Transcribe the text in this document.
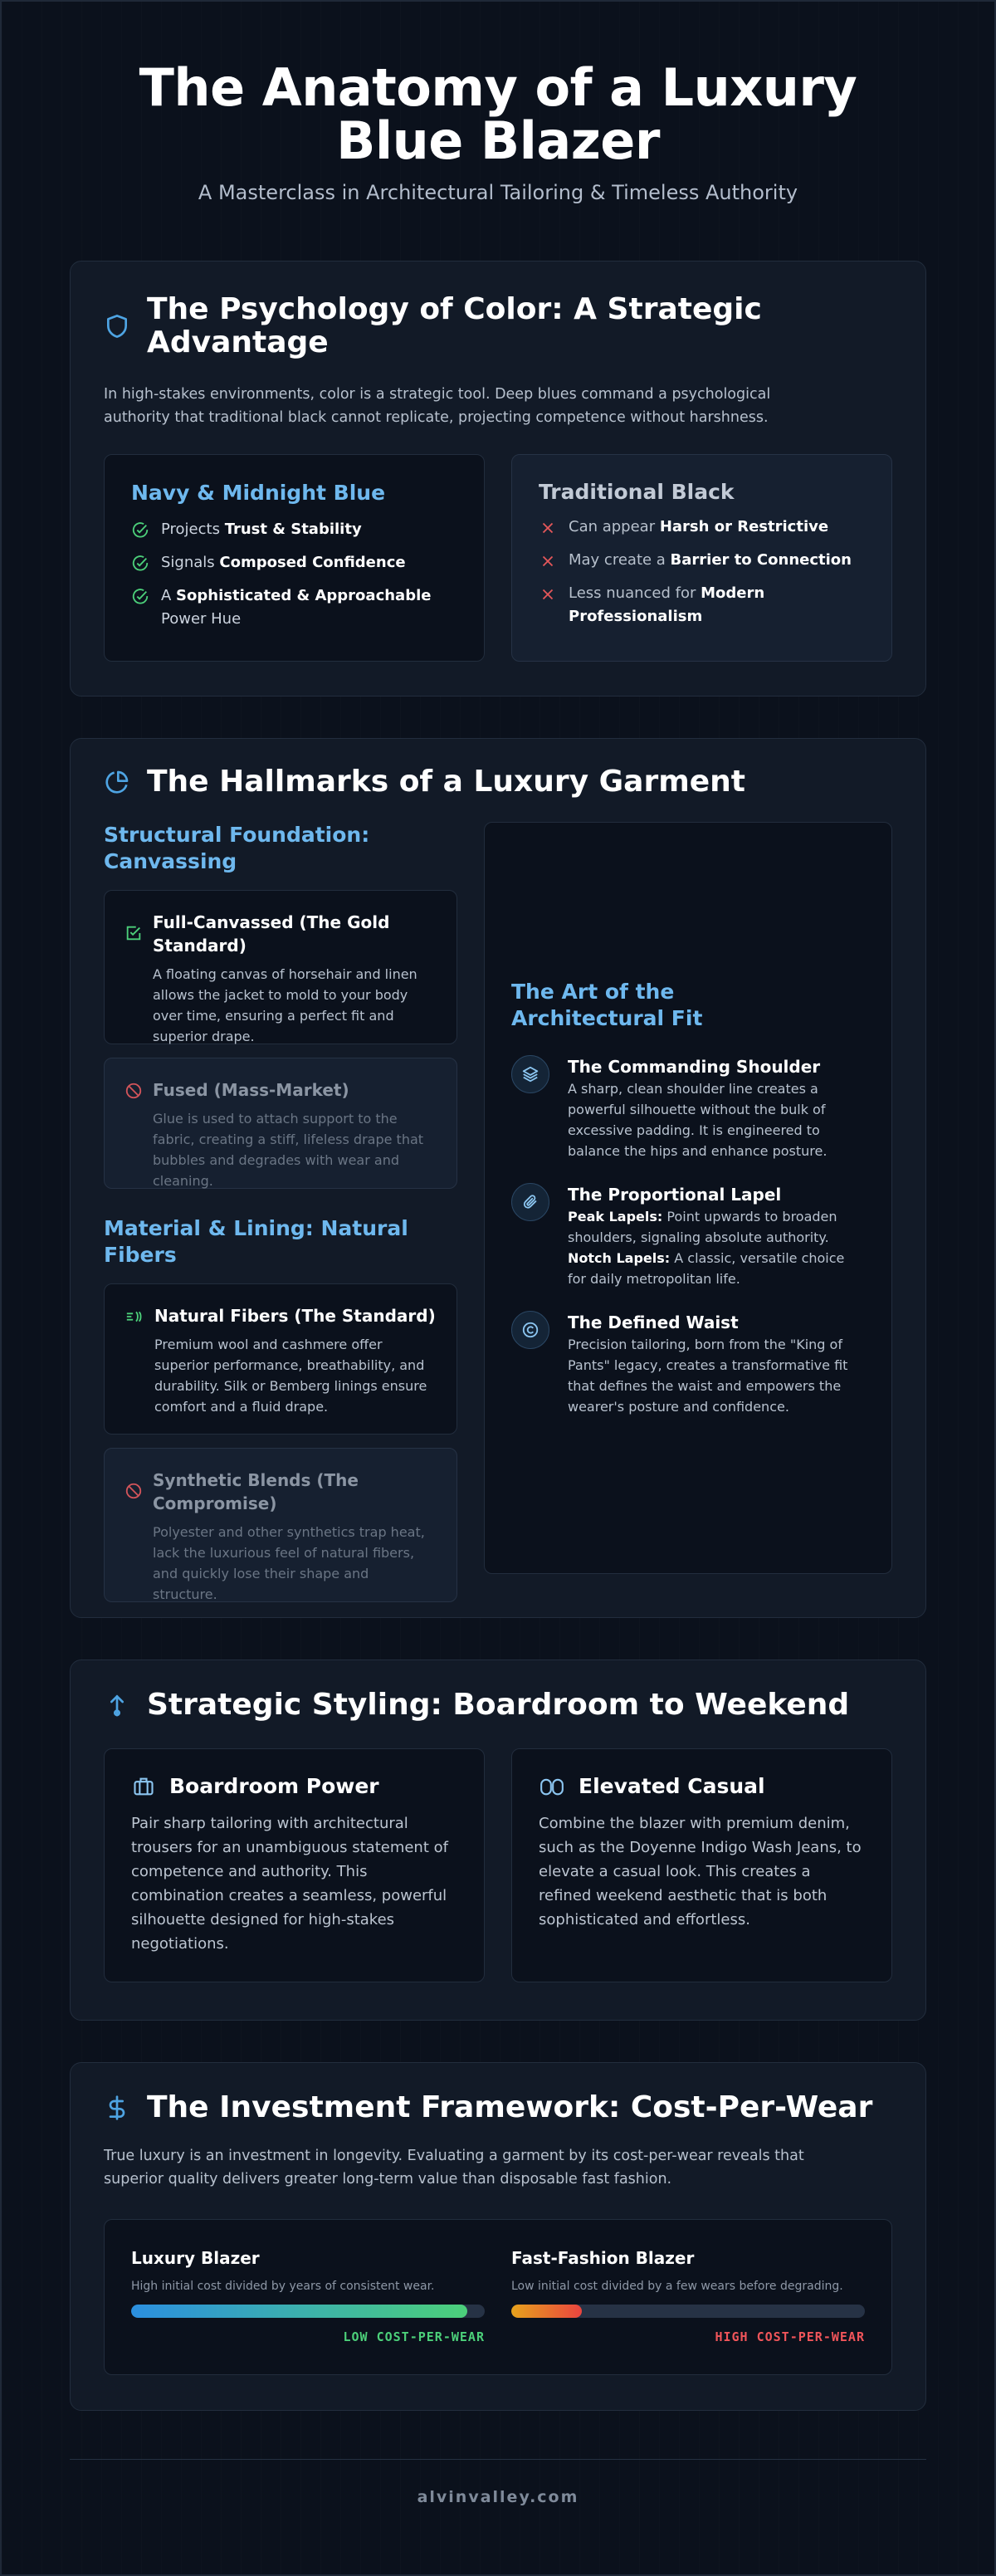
The Anatomy of a Luxury Blue Blazer
A Masterclass in Architectural Tailoring & Timeless Authority
The Psychology of Color: A Strategic Advantage

In high-stakes environments, color is a strategic tool. Deep blues command a psychological authority that traditional black cannot replicate, projecting competence without harshness.

Navy & Midnight Blue
Projects Trust & Stability
Signals Composed Confidence
A Sophisticated & Approachable Power Hue
Traditional Black
Can appear Harsh or Restrictive
May create a Barrier to Connection
Less nuanced for Modern Professionalism
The Hallmarks of a Luxury Garment
Structural Foundation: Canvassing
Full-Canvassed (The Gold Standard)

A floating canvas of horsehair and linen allows the jacket to mold to your body over time, ensuring a perfect fit and superior drape.

Fused (Mass-Market)

Glue is used to attach support to the fabric, creating a stiff, lifeless drape that bubbles and degrades with wear and cleaning.

Material & Lining: Natural Fibers
Natural Fibers (The Standard)

Premium wool and cashmere offer superior performance, breathability, and durability. Silk or Bemberg linings ensure comfort and a fluid drape.

Synthetic Blends (The Compromise)

Polyester and other synthetics trap heat, lack the luxurious feel of natural fibers, and quickly lose their shape and structure.

The Art of the Architectural Fit
The Commanding Shoulder

A sharp, clean shoulder line creates a powerful silhouette without the bulk of excessive padding. It is engineered to balance the hips and enhance posture.

The Proportional Lapel

Peak Lapels: Point upwards to broaden shoulders, signaling absolute authority.

Notch Lapels: A classic, versatile choice for daily metropolitan life.

The Defined Waist

Precision tailoring, born from the "King of Pants" legacy, creates a transformative fit that defines the waist and empowers the wearer's posture and confidence.

Strategic Styling: Boardroom to Weekend
Boardroom Power

Pair sharp tailoring with architectural trousers for an unambiguous statement of competence and authority. This combination creates a seamless, powerful silhouette designed for high-stakes negotiations.

Elevated Casual

Combine the blazer with premium denim, such as the Doyenne Indigo Wash Jeans, to elevate a casual look. This creates a refined weekend aesthetic that is both sophisticated and effortless.

The Investment Framework: Cost-Per-Wear

True luxury is an investment in longevity. Evaluating a garment by its cost-per-wear reveals that superior quality delivers greater long-term value than disposable fast fashion.

Luxury Blazer
High initial cost divided by years of consistent wear.
LOW COST-PER-WEAR
Fast-Fashion Blazer
Low initial cost divided by a few wears before degrading.
HIGH COST-PER-WEAR
alvinvalley.com
